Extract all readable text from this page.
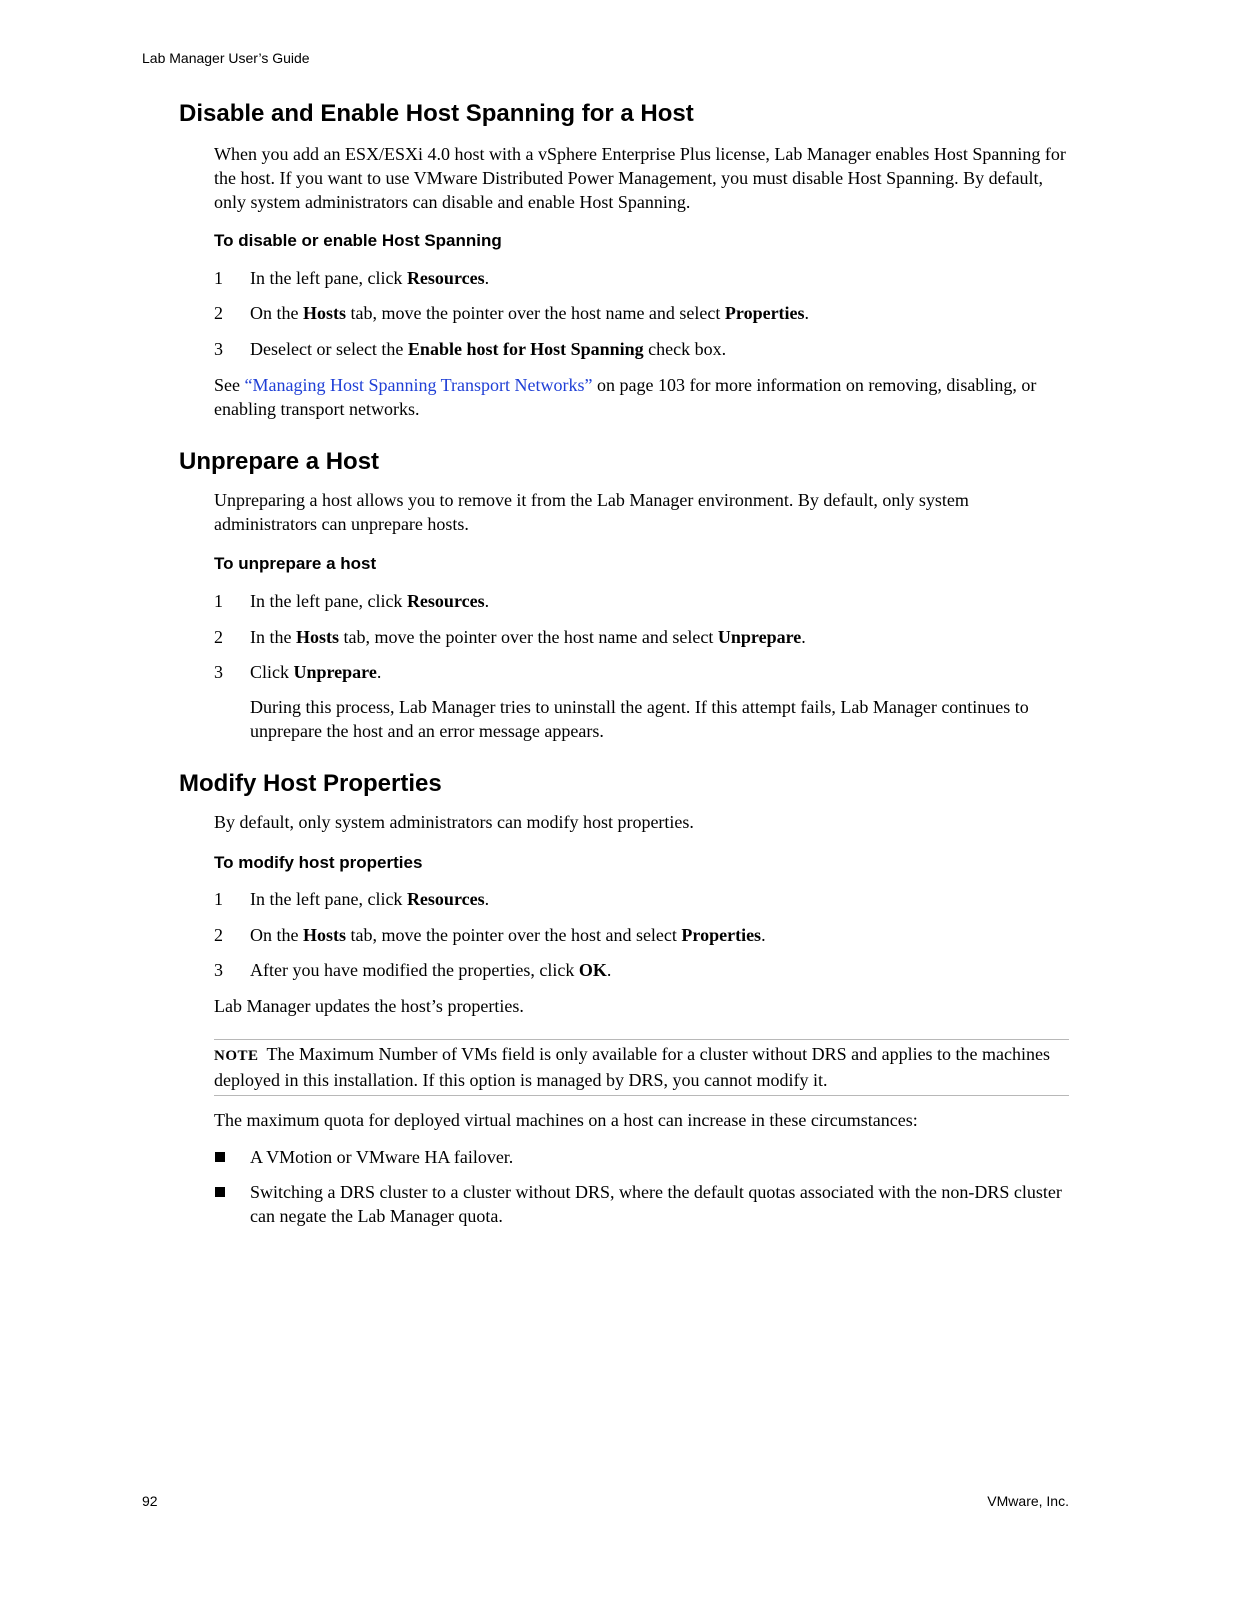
Lab Manager User’s Guide
Disable and Enable Host Spanning for a Host

When you add an ESX/ESXi 4.0 host with a vSphere Enterprise Plus license, Lab Manager enables Host Spanning for the host. If you want to use VMware Distributed Power Management, you must disable Host Spanning. By default, only system administrators can disable and enable Host Spanning.

To disable or enable Host Spanning
1 In the left pane, click Resources.
2 On the Hosts tab, move the pointer over the host name and select Properties.
3 Deselect or select the Enable host for Host Spanning check box.

See “Managing Host Spanning Transport Networks” on page 103 for more information on removing, disabling, or enabling transport networks.

Unprepare a Host

Unpreparing a host allows you to remove it from the Lab Manager environment. By default, only system administrators can unprepare hosts.

To unprepare a host
1 In the left pane, click Resources.
2 In the Hosts tab, move the pointer over the host name and select Unprepare.
3 Click Unprepare.

During this process, Lab Manager tries to uninstall the agent. If this attempt fails, Lab Manager continues to unprepare the host and an error message appears.

Modify Host Properties

By default, only system administrators can modify host properties.

To modify host properties
1 In the left pane, click Resources.
2 On the Hosts tab, move the pointer over the host and select Properties.
3 After you have modified the properties, click OK.

Lab Manager updates the host’s properties.

NOTE The Maximum Number of VMs field is only available for a cluster without DRS and applies to the machines deployed in this installation. If this option is managed by DRS, you cannot modify it.

The maximum quota for deployed virtual machines on a host can increase in these circumstances:

A VMotion or VMware HA failover.
Switching a DRS cluster to a cluster without DRS, where the default quotas associated with the non-DRS cluster can negate the Lab Manager quota.
92	VMware, Inc.
